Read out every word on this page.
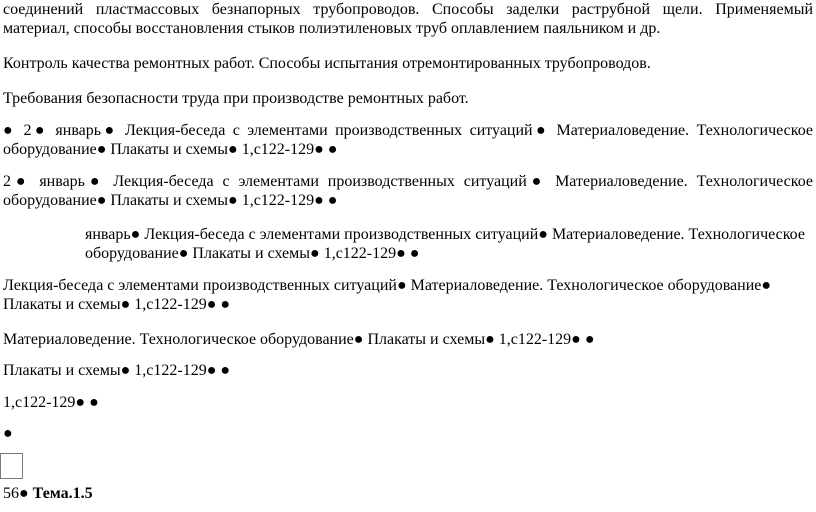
соединений пластмассовых безнапорных трубопроводов. Способы заделки раструбной щели. Применяемый материал, способы восстановления стыков полиэтиленовых труб оплавлением паяльником и др.

Контроль качества ремонтных работ. Способы испытания отремонтированных трубопроводов.

Требования безопасности труда при производстве ремонтных работ.

● 2● январь● Лекция-беседа с элементами производственных ситуаций● Материаловедение. Технологическое оборудование● Плакаты и схемы● 1,с122-129● ●

2● январь● Лекция-беседа с элементами производственных ситуаций● Материаловедение. Технологическое оборудование● Плакаты и схемы● 1,с122-129● ●

январь● Лекция-беседа с элементами производственных ситуаций● Материаловедение. Технологическое оборудование● Плакаты и схемы● 1,с122-129● ●

Лекция-беседа с элементами производственных ситуаций● Материаловедение. Технологическое оборудование● Плакаты и схемы● 1,с122-129● ●

Материаловедение. Технологическое оборудование● Плакаты и схемы● 1,с122-129● ●

Плакаты и схемы● 1,с122-129● ●

1,с122-129● ●

●

56● Тема.1.5
